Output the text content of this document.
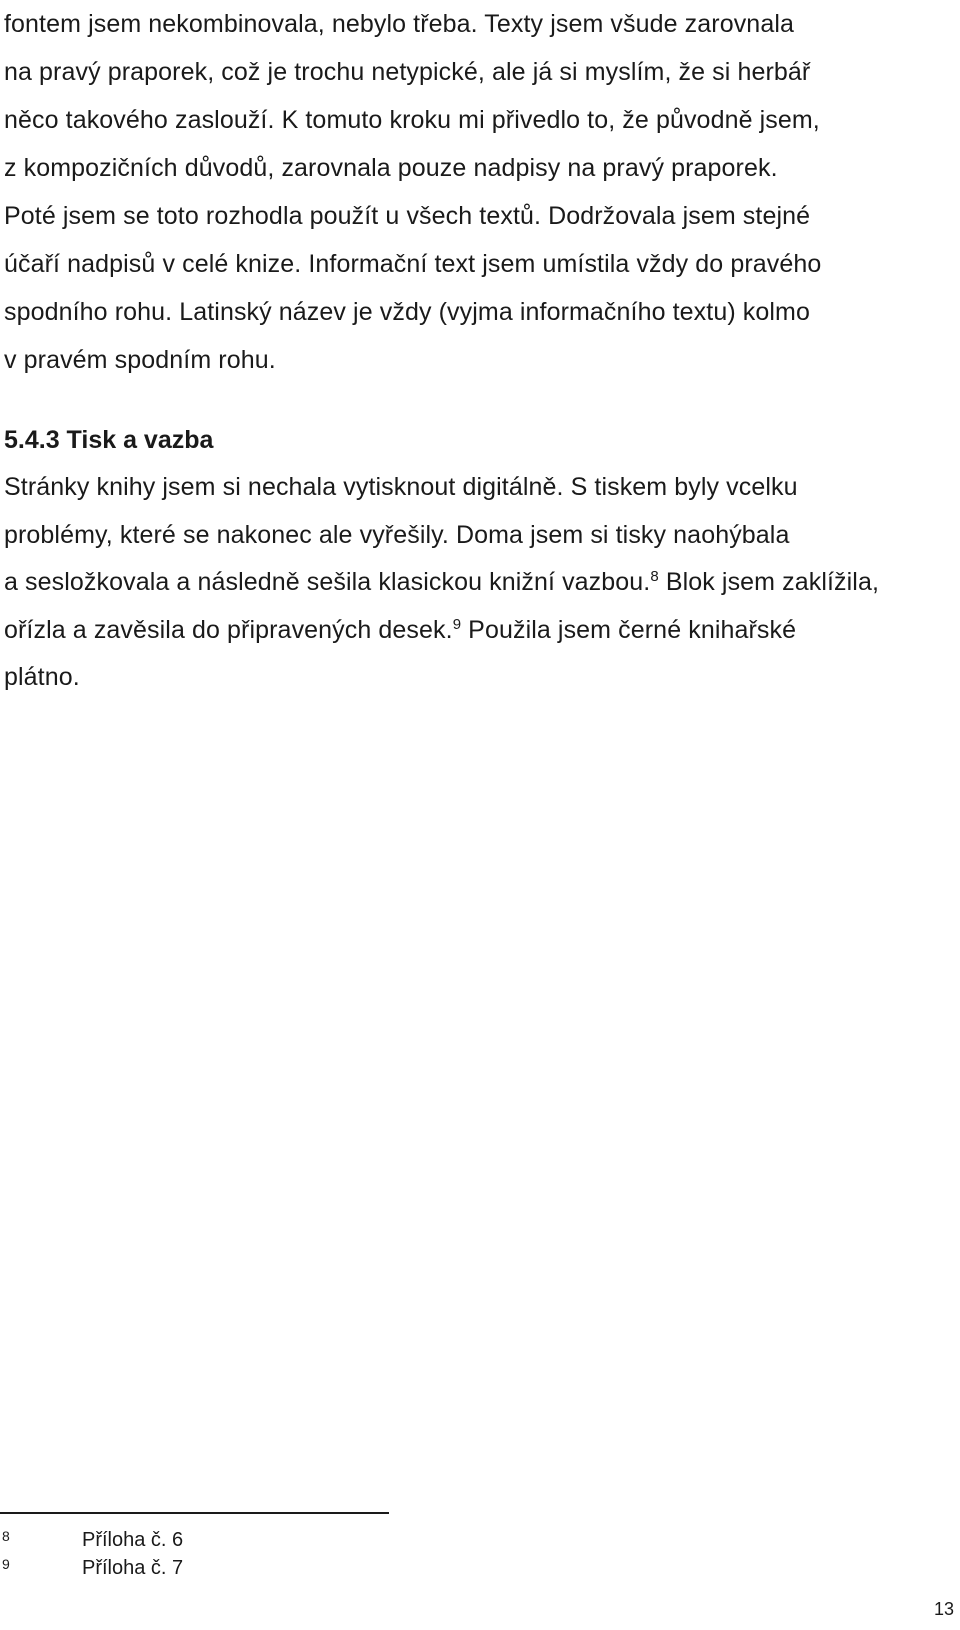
fontem jsem nekombinovala, nebylo třeba. Texty jsem všude zarovnala
na pravý praporek, což je trochu netypické, ale já si myslím, že si herbář
něco takového zaslouží. K tomuto kroku mi přivedlo to, že původně jsem,
z kompozičních důvodů, zarovnala pouze nadpisy na pravý praporek.
Poté jsem se toto rozhodla použít u všech textů. Dodržovala jsem stejné
účaří nadpisů v celé knize. Informační text jsem umístila vždy do pravého
spodního rohu. Latinský název je vždy (vyjma informačního textu) kolmo
v pravém spodním rohu.
5.4.3 Tisk a vazba
Stránky knihy jsem si nechala vytisknout digitálně. S tiskem byly vcelku
problémy, které se nakonec ale vyřešily. Doma jsem si tisky naohýbala
a sesložkovala a následně sešila klasickou knižní vazbou.$^8$ Blok jsem zaklížila,
ořízla a zavěsila do připravených desek.$^9$ Použila jsem černé knihařské
plátno.
8	Příloha č. 6
9	Příloha č. 7
13
